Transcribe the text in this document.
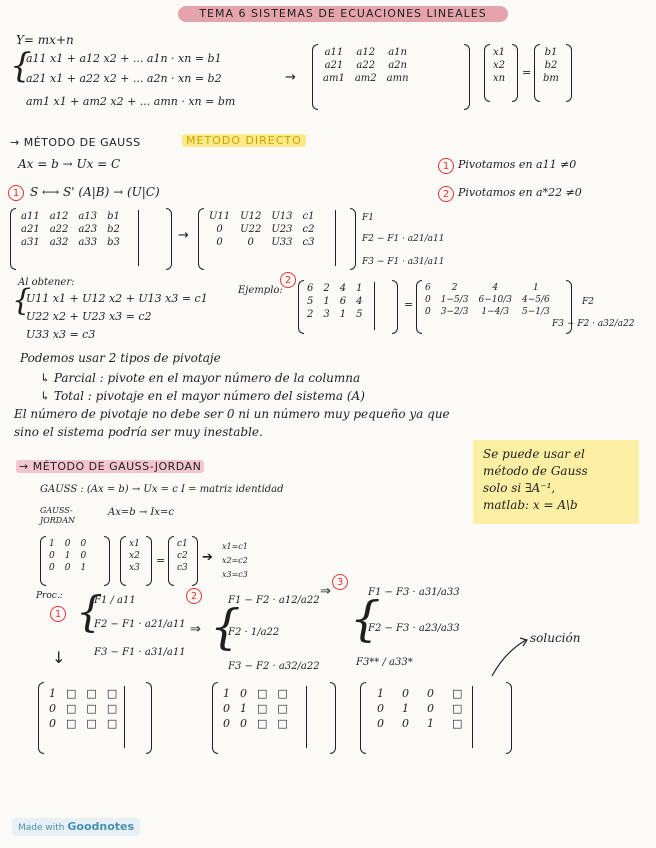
TEMA 6 SISTEMAS DE ECUACIONES LINEALES
Y= mx+n
{
a11 x1 + a12 x2 + ... a1n · xn = b1
a21 x1 + a22 x2 + ... a2n · xn = b2
am1 x1 + am2 x2 + ... amn · xn = bm
→
a11	a12	a1n
a21	a22	a2n
am1	am2	amn
x1
x2
xn =
b1
b2
bm
→ MÉTODO DE GAUSS	METODO DIRECTO
Ax = b → Ux = C	1 Pivotamos en a11 ≠0
2 Pivotamos en a*22 ≠0
1 S ⟷ S' (A|B) → (U|C)
a11	a12	a13	b1
a21	a22	a23	b2
a31	a32	a33	b3	→
U11	U12	U13	c1
0	U22	U23	c2
0	0	U33	c3
F1
F2 − F1 · a21/a11
F3 − F1 · a31/a11
Al obtener:
{
U11 x1 + U12 x2 + U13 x3 = c1
U22 x2 + U23 x3 = c2
U33 x3 = c3
Ejemplo:
2
6	2	4	1
5	1	6	4
2	3	1	5
=
6	2	4	1
0	1−5/3	6−10/3	4−5/6
0	3−2/3	1−4/3	5−1/3
F2
F3 − F2 · a32/a22
Podemos usar 2 tipos de pivotaje
↳ Parcial : pivote en el mayor número de la columna
↳ Total : pivotaje en el mayor número del sistema (A)
El número de pivotaje no debe ser 0 ni un número muy pequeño ya que
sino el sistema podría ser muy inestable.
Se puede usar el
método de Gauss
solo si ∃A⁻¹,
matlab: x = A\b
→ MÉTODO DE GAUSS-JORDAN
GAUSS : (Ax = b) → Ux = c I = matriz identidad
GAUSS-JORDAN
Ax=b → Ix=c
1	0	0
0	1	0
0	0	1
x1
x2
x3
=
c1
c2
c3
➔
x1=c1
x2=c2
x3=c3
Proc.:
1 {
F1 / a11
F2 − F1 · a21/a11
F3 − F1 · a31/a11
↓
2
⇒ {
F1 − F2 · a12/a22
F2 · 1/a22
F3 − F2 · a32/a22
⇒
3
{
F1 − F3 · a31/a33
F2 − F3 · a23/a33
F3** / a33*
solución
1	□	□	□
0	□	□	□
0	□	□	□
1	0	□	□
0	1	□	□
0	0	□	□
1	0	0	□
0	1	0	□
0	0	1	□
Made with Goodnotes
